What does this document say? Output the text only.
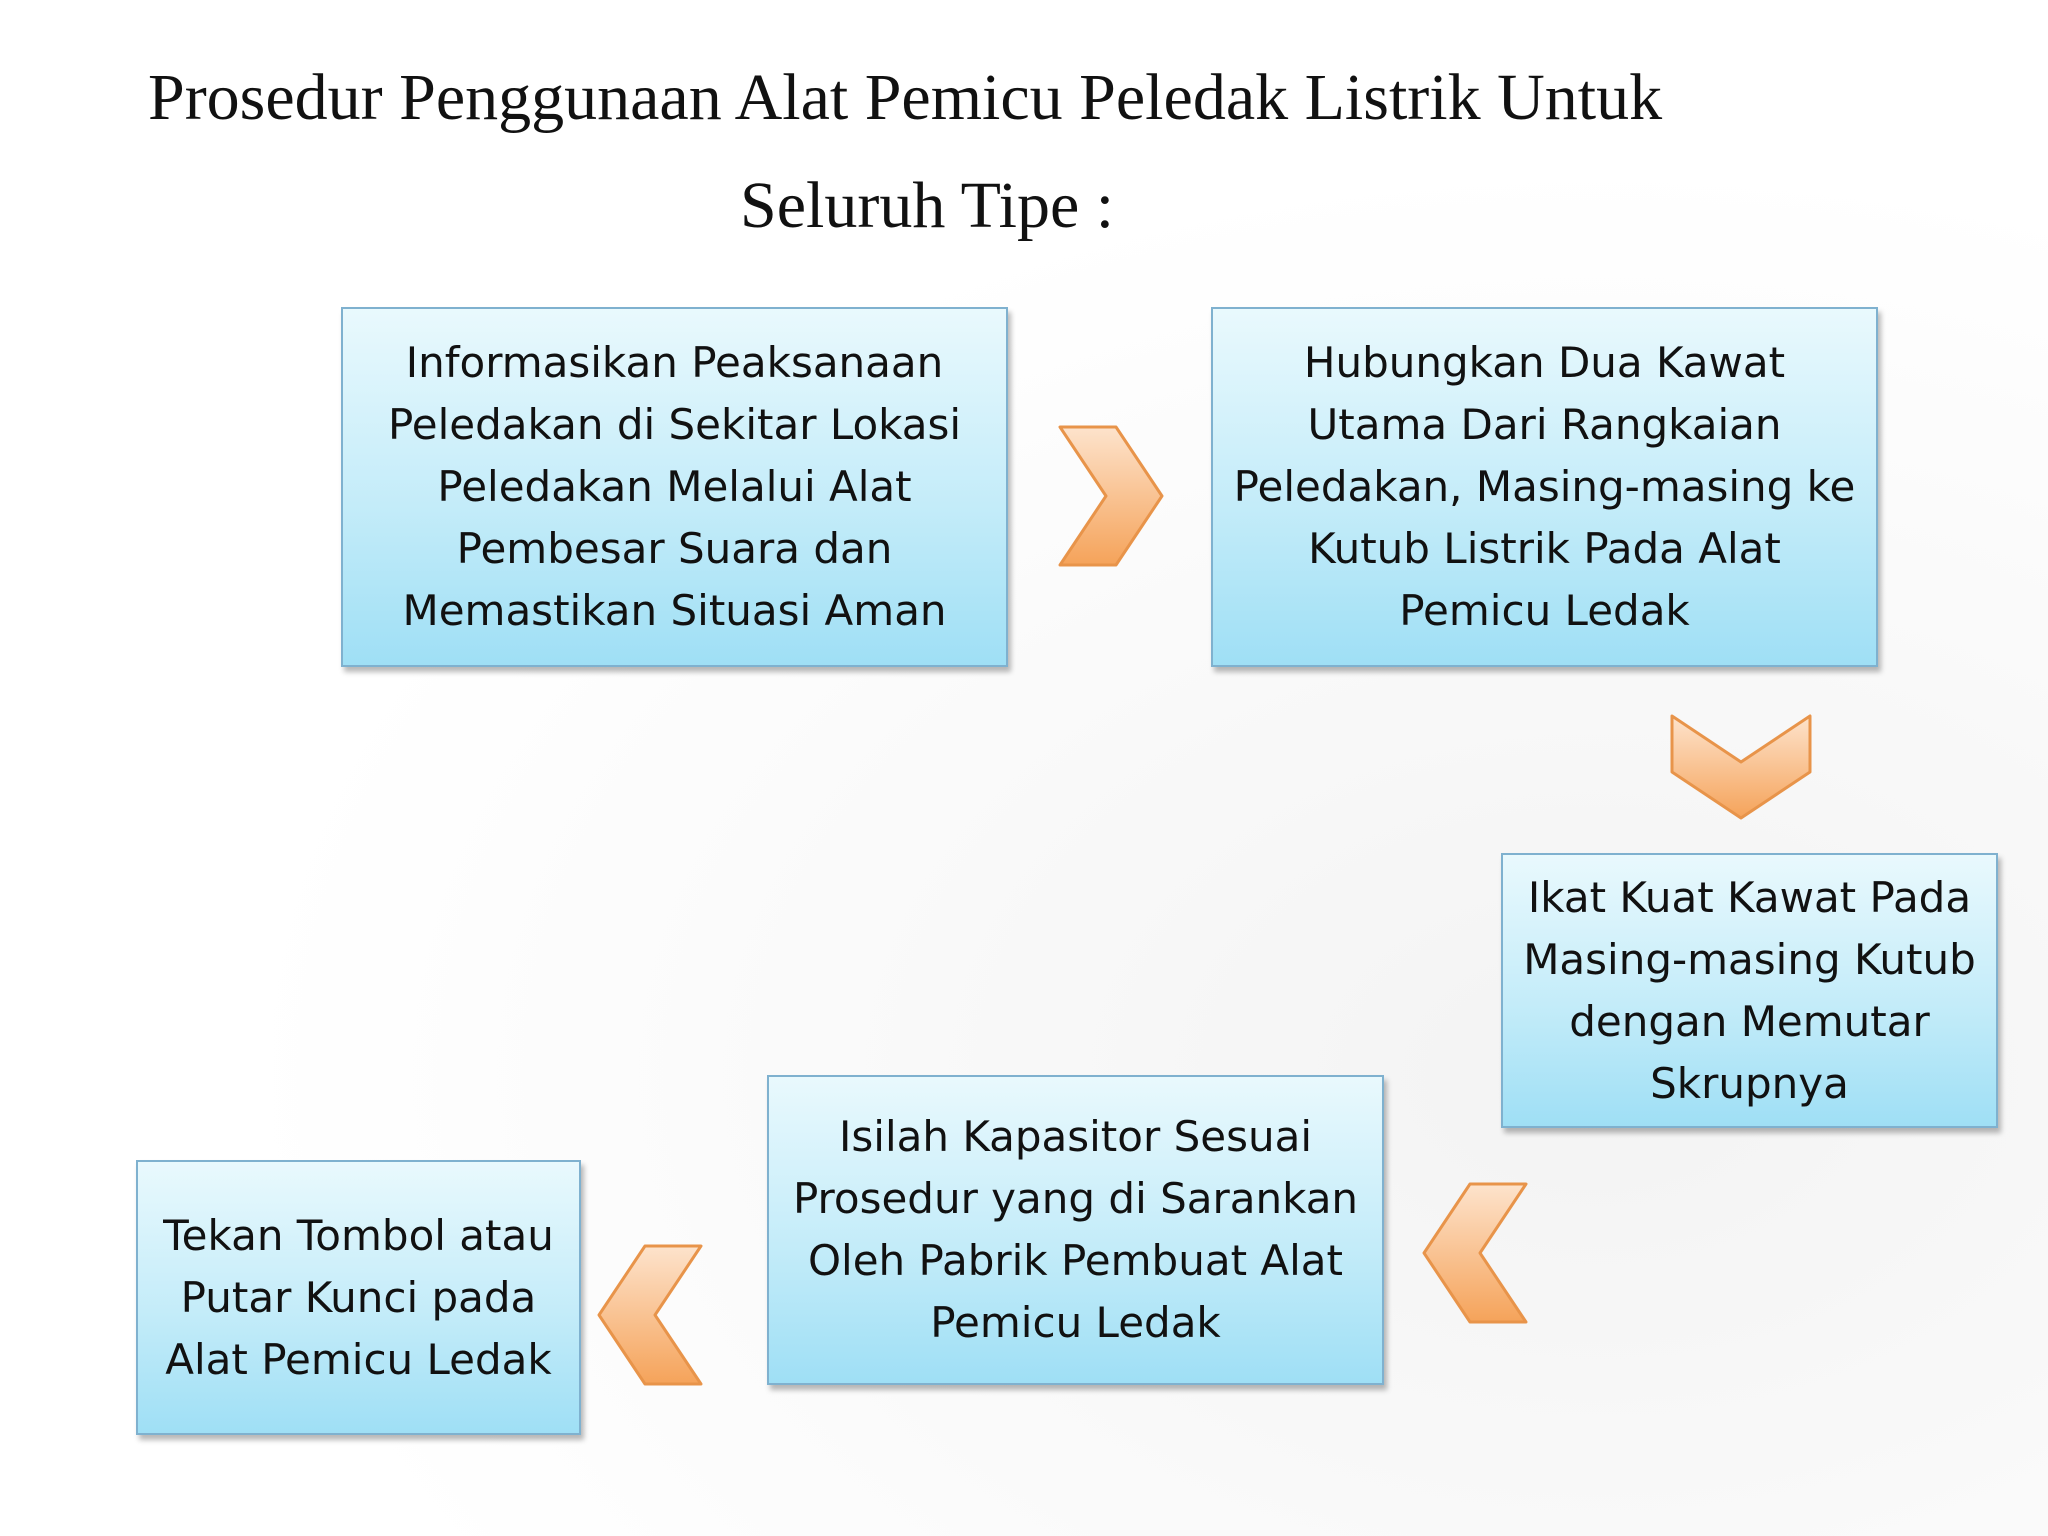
Prosedur Penggunaan Alat Pemicu Peledak Listrik Untuk
Seluruh Tipe :
Informasikan Peaksanaan Peledakan di Sekitar Lokasi Peledakan Melalui Alat Pembesar Suara dan Memastikan Situasi Aman
Hubungkan Dua Kawat Utama Dari Rangkaian Peledakan, Masing-masing ke Kutub Listrik Pada Alat Pemicu Ledak
Ikat Kuat Kawat Pada Masing-masing Kutub dengan Memutar Skrupnya
Isilah Kapasitor Sesuai Prosedur yang di Sarankan Oleh Pabrik Pembuat Alat Pemicu Ledak
Tekan Tombol atau Putar Kunci pada Alat Pemicu Ledak
